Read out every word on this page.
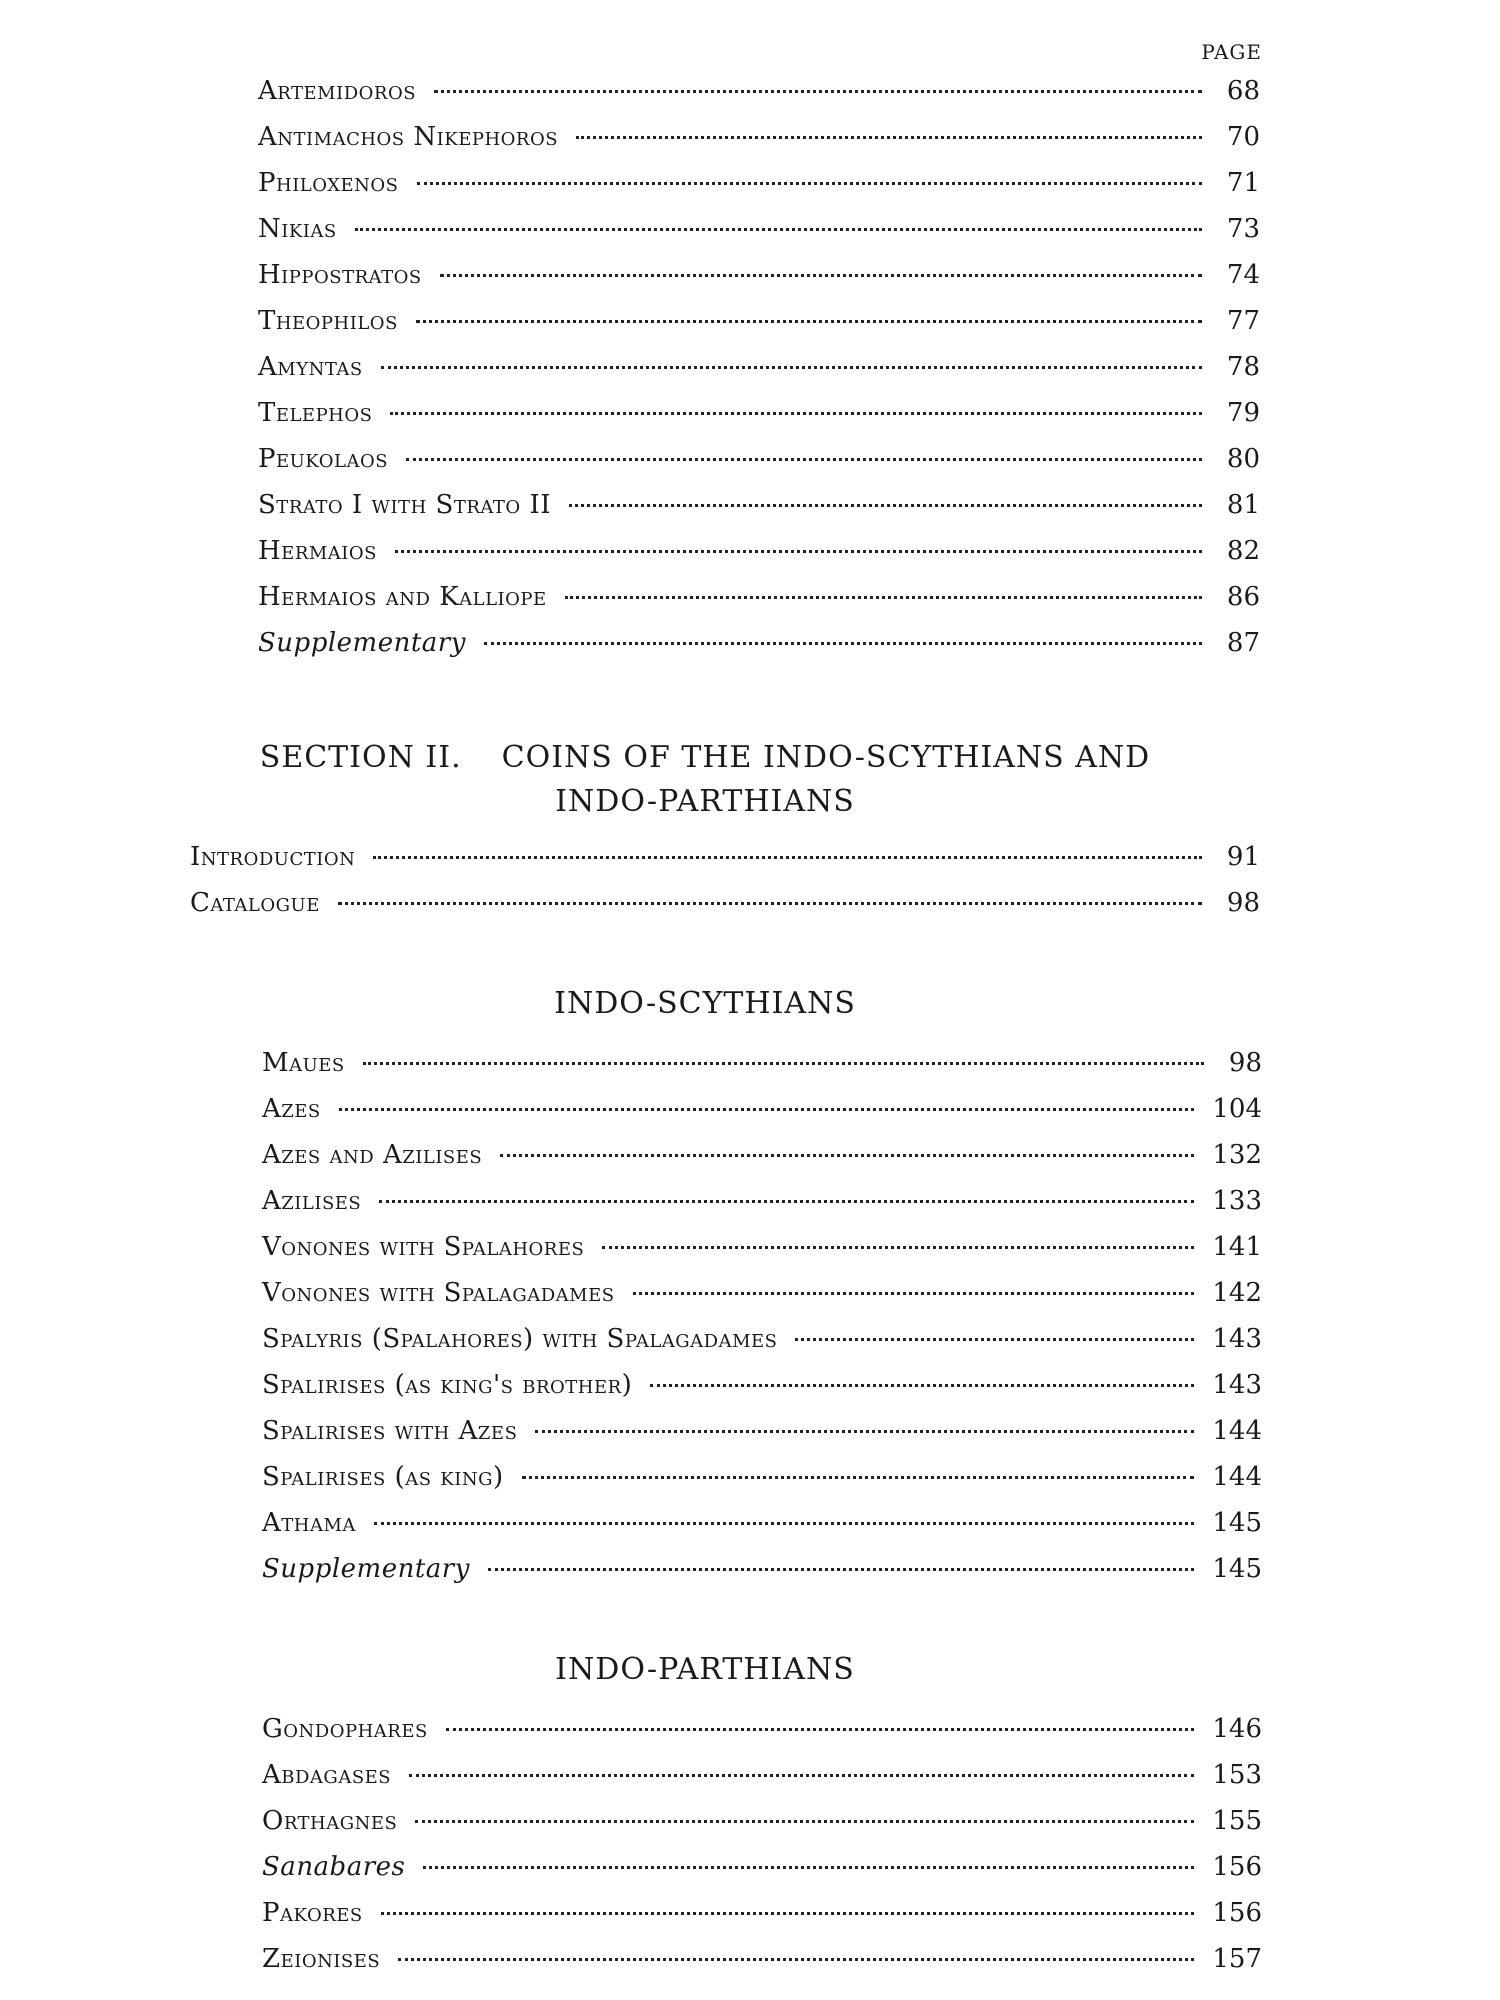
PAGE
Artemidoros	68
Antimachos Nikephoros	70
Philoxenos	71
Nikias	73
Hippostratos	74
Theophilos	77
Amyntas	78
Telephos	79
Peukolaos	80
Strato I with Strato II	81
Hermaios	82
Hermaios and Kalliope	86
Supplementary	87
SECTION II. COINS OF THE INDO-SCYTHIANS AND
INDO-PARTHIANS
Introduction	91
Catalogue	98
INDO-SCYTHIANS
Maues	98
Azes	104
Azes and Azilises	132
Azilises	133
Vonones with Spalahores	141
Vonones with Spalagadames	142
Spalyris (Spalahores) with Spalagadames	143
Spalirises (as king's brother)	143
Spalirises with Azes	144
Spalirises (as king)	144
Athama	145
Supplementary	145
INDO-PARTHIANS
Gondophares	146
Abdagases	153
Orthagnes	155
Sanabares	156
Pakores	156
Zeionises	157
